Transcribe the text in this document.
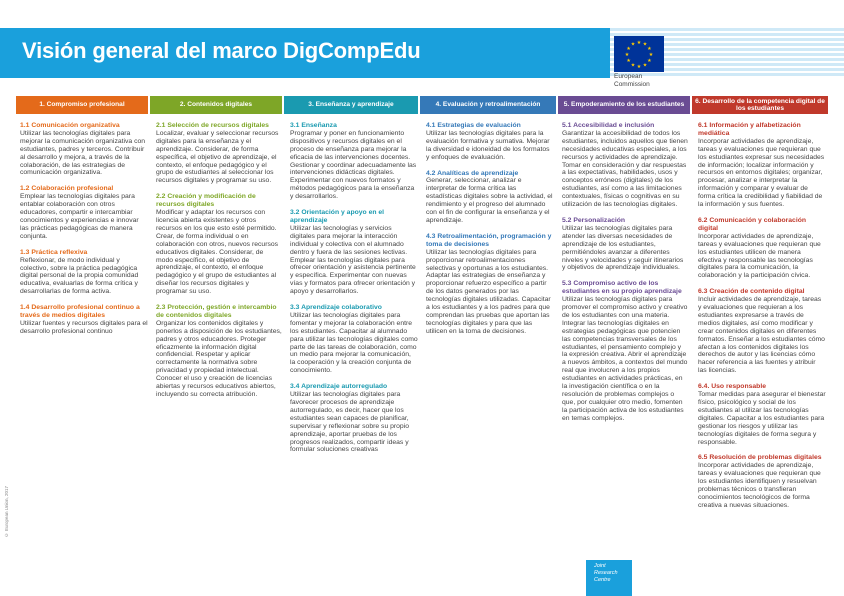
Visión general del marco DigCompEdu	★ ★
★
★
★
★
★
★
★
★
★
★
European
Commission
1. Compromiso profesional	2. Contenidos digitales	3. Enseñanza y aprendizaje	4. Evaluación y retroalimentación	5. Empoderamiento de los estudiantes
6. Desarrollo de la competencia digital de los estudiantes
1.1 Comunicación organizativa
Utilizar las tecnologías digitales para mejorar la comunicación organizativa con estudiantes, padres y terceros. Contribuir al desarrollo y mejora, a través de la colaboración, de las estrategias de comunicación organizativa.
1.2 Colaboración profesional
Emplear las tecnologías digitales para entablar colaboración con otros educadores, compartir e intercambiar conocimientos y experiencias e innovar las prácticas pedagógicas de manera conjunta.
1.3 Práctica reflexiva
Reflexionar, de modo individual y colectivo, sobre la práctica pedagógica digital personal de la propia comunidad educativa, evaluarlas de forma crítica y desarrollarlas de forma activa.
1.4 Desarrollo profesional continuo a través de medios digitales
Utilizar fuentes y recursos digitales para el desarrollo profesional continuo
2.1 Selección de recursos digitales
Localizar, evaluar y seleccionar recursos digitales para la enseñanza y el aprendizaje. Considerar, de forma específica, el objetivo de aprendizaje, el contexto, el enfoque pedagógico y el grupo de estudiantes al seleccionar los recursos digitales y programar su uso.
2.2 Creación y modificación de recursos digitales
Modificar y adaptar los recursos con licencia abierta existentes y otros recursos en los que esto esté permitido. Crear, de forma individual o en colaboración con otros, nuevos recursos educativos digitales. Considerar, de modo específico, el objetivo de aprendizaje, el contexto, el enfoque pedagógico y el grupo de estudiantes al diseñar los recursos digitales y programar su uso.
2.3 Protección, gestión e intercambio de contenidos digitales
Organizar los contenidos digitales y ponerlos a disposición de los estudiantes, padres y otros educadores. Proteger eficazmente la información digital confidencial. Respetar y aplicar correctamente la normativa sobre privacidad y propiedad intelectual. Conocer el uso y creación de licencias abiertas y recursos educativos abiertos, incluyendo su correcta atribución.
3.1 Enseñanza
Programar y poner en funcionamiento dispositivos y recursos digitales en el proceso de enseñanza para mejorar la eficacia de las intervenciones docentes. Gestionar y coordinar adecuadamente las intervenciones didácticas digitales. Experimentar con nuevos formatos y métodos pedagógicos para la enseñanza y desarrollarlos.
3.2 Orientación y apoyo en el aprendizaje
Utilizar las tecnologías y servicios digitales para mejorar la interacción individual y colectiva con el alumnado dentro y fuera de las sesiones lectivas. Emplear las tecnologías digitales para ofrecer orientación y asistencia pertinente y específica. Experimentar con nuevas vías y formatos para ofrecer orientación y apoyo y desarrollarlos.
3.3 Aprendizaje colaborativo
Utilizar las tecnologías digitales para fomentar y mejorar la colaboración entre los estudiantes. Capacitar al alumnado para utilizar las tecnologías digitales como parte de las tareas de colaboración, como un medio para mejorar la comunicación, la cooperación y la creación conjunta de conocimiento.
3.4 Aprendizaje autorregulado
Utilizar las tecnologías digitales para favorecer procesos de aprendizaje autorregulado, es decir, hacer que los estudiantes sean capaces de planificar, supervisar y reflexionar sobre su propio aprendizaje, aportar pruebas de los progresos realizados, compartir ideas y formular soluciones creativas
4.1 Estrategias de evaluación
Utilizar las tecnologías digitales para la evaluación formativa y sumativa. Mejorar la diversidad e idoneidad de los formatos y enfoques de evaluación.
4.2 Analíticas de aprendizaje
Generar, seleccionar, analizar e interpretar de forma crítica las estadísticas digitales sobre la actividad, el rendimiento y el progreso del alumnado con el fin de configurar la enseñanza y el aprendizaje.
4.3 Retroalimentación, programación y toma de decisiones
Utilizar las tecnologías digitales para proporcionar retroalimentaciones selectivas y oportunas a los estudiantes. Adaptar las estrategias de enseñanza y proporcionar refuerzo específico a partir de los datos generados por las tecnologías digitales utilizadas. Capacitar a los estudiantes y a los padres para que comprendan las pruebas que aportan las tecnologías digitales y para que las utilicen en la toma de decisiones.
5.1 Accesibilidad e inclusión
Garantizar la accesibilidad de todos los estudiantes, incluidos aquellos que tienen necesidades educativas especiales, a los recursos y actividades de aprendizaje. Tomar en consideración y dar respuestas a las expectativas, habilidades, usos y conceptos erróneos (digitales) de los estudiantes, así como a las limitaciones contextuales, físicas o cognitivas en su utilización de las tecnologías digitales.
5.2 Personalización
Utilizar las tecnologías digitales para atender las diversas necesidades de aprendizaje de los estudiantes, permitiéndoles avanzar a diferentes niveles y velocidades y seguir itinerarios y objetivos de aprendizaje individuales.
5.3 Compromiso activo de los estudiantes en su propio aprendizaje
Utilizar las tecnologías digitales para promover el compromiso activo y creativo de los estudiantes con una materia. Integrar las tecnologías digitales en estrategias pedagógicas que potencien las competencias transversales de los estudiantes, el pensamiento complejo y la expresión creativa. Abrir el aprendizaje a nuevos ámbitos, a contextos del mundo real que involucren a los propios estudiantes en actividades prácticas, en la investigación científica o en la resolución de problemas complejos o que, por cualquier otro medio, fomenten la participación activa de los estudiantes en temas complejos.
6.1 Información y alfabetización mediática
Incorporar actividades de aprendizaje, tareas y evaluaciones que requieran que los estudiantes expresar sus necesidades de información; localizar información y recursos en entornos digitales; organizar, procesar, analizar e interpretar la información y comparar y evaluar de forma crítica la credibilidad y fiabilidad de la información y sus fuentes.
6.2 Comunicación y colaboración digital
Incorporar actividades de aprendizaje, tareas y evaluaciones que requieran que los estudiantes utilicen de manera efectiva y responsable las tecnologías digitales para la comunicación, la colaboración y la participación cívica.
6.3 Creación de contenido digital
Incluir actividades de aprendizaje, tareas y evaluaciones que requieran a los estudiantes expresarse a través de medios digitales, así como modificar y crear contenidos digitales en diferentes formatos. Enseñar a los estudiantes cómo afectan a los contenidos digitales los derechos de autor y las licencias cómo hacer referencia a las fuentes y atribuir las licencias.
6.4. Uso responsable
Tomar medidas para asegurar el bienestar físico, psicológico y social de los estudiantes al utilizar las tecnologías digitales. Capacitar a los estudiantes para gestionar los riesgos y utilizar las tecnologías digitales de forma segura y responsable.
6.5 Resolución de problemas digitales
Incorporar actividades de aprendizaje, tareas y evaluaciones que requieran que los estudiantes identifiquen y resuelvan problemas técnicos o transfieran conocimientos tecnológicos de forma creativa a nuevas situaciones.
© European Union, 2017
Joint
Research
Centre
